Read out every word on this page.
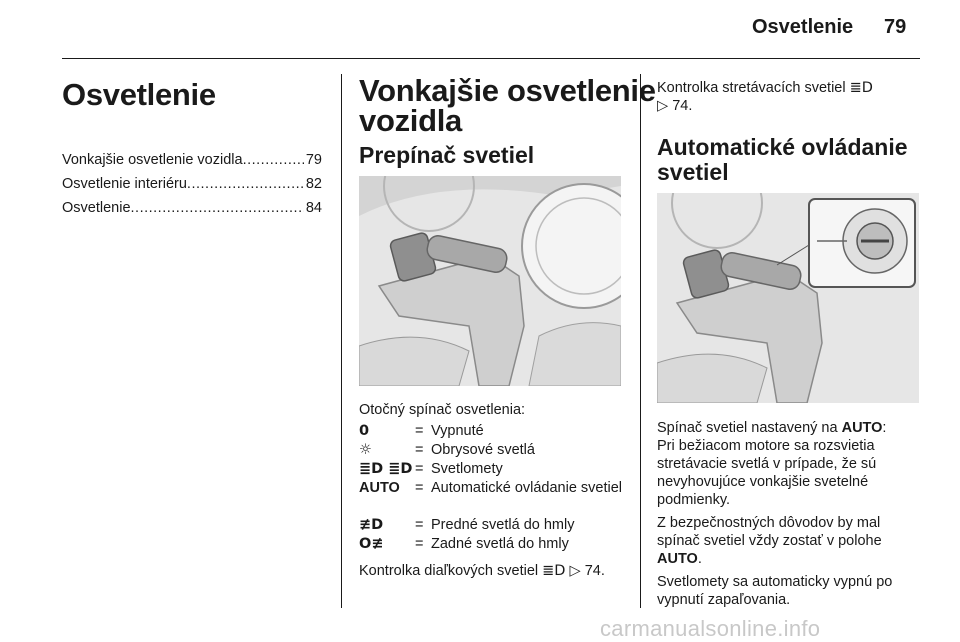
Osvetlenie 79
Osvetlenie
Vonkajšie osvetlenie vozidla .....	79
Osvetlenie interiéru .....	82
Osvetlenie .....	84
Vonkajšie osvetlenie
vozidla
Prepínač svetiel
Otočný spínač osvetlenia:
0	= Vypnuté
☼	= Obrysové svetlá
≣D ≣D = Svetlomety
AUTO = Automatické ovládanie svetiel
≢D = Predné svetlá do hmly
O≢ = Zadné svetlá do hmly
Kontrolka diaľkových svetiel ≣D ▷ 74.
Kontrolka stretávacích svetiel ≣D
▷ 74.
Automatické ovládanie
svetiel
Spínač svetiel nastavený na AUTO:
Pri bežiacom motore sa rozsvietia
stretávacie svetlá v prípade, že sú
nevyhovujúce vonkajšie svetelné
podmienky.
Z bezpečnostných dôvodov by mal
spínač svetiel vždy zostať v polohe
AUTO.
Svetlomety sa automaticky vypnú po
vypnutí zapaľovania.
carmanualsonline.info
